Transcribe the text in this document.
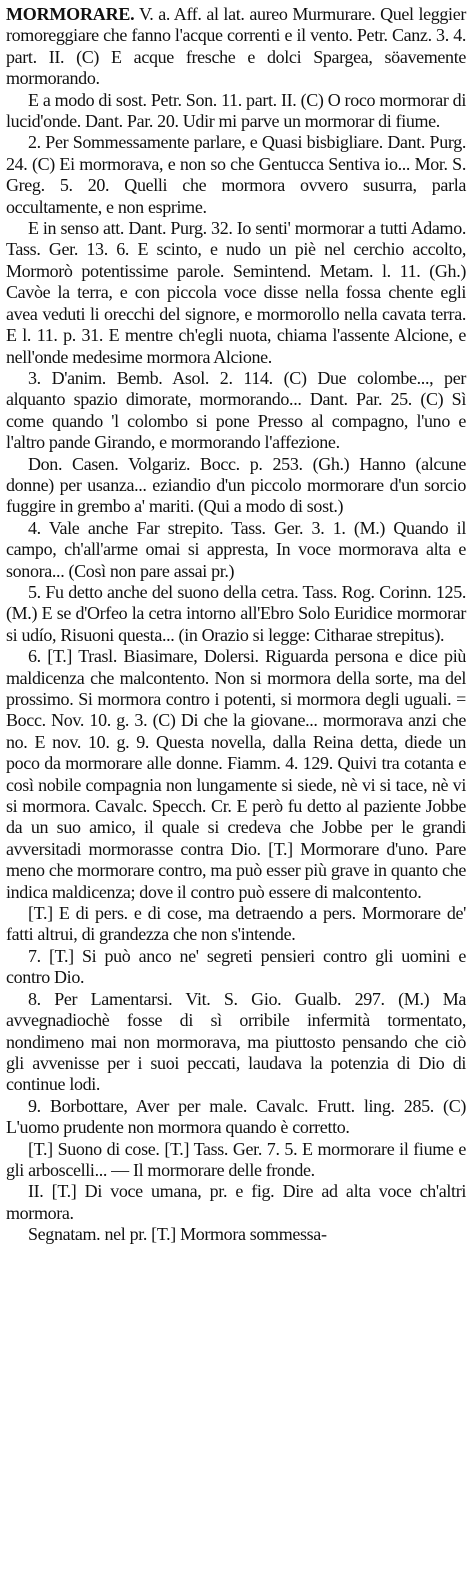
MORMORARE. V. a. Aff. al lat. aureo Murmurare. Quel leggier romoreggiare che fanno l'acque correnti e il vento. Petr. Canz. 3. 4. part. II. (C) E acque fresche e dolci Spargea, söavemente mormorando.

E a modo di sost. Petr. Son. 11. part. II. (C) O roco mormorar di lucid'onde. Dant. Par. 20. Udir mi parve un mormorar di fiume.

2. Per Sommessamente parlare, e Quasi bisbigliare. Dant. Purg. 24. (C) Ei mormorava, e non so che Gentucca Sentiva io... Mor. S. Greg. 5. 20. Quelli che mormora ovvero susurra, parla occultamente, e non esprime.

E in senso att. Dant. Purg. 32. Io senti' mormorar a tutti Adamo. Tass. Ger. 13. 6. E scinto, e nudo un piè nel cerchio accolto, Mormorò potentissime parole. Semintend. Metam. l. 11. (Gh.) Cavòe la terra, e con piccola voce disse nella fossa chente egli avea veduti li orecchi del signore, e mormorollo nella cavata terra. E l. 11. p. 31. E mentre ch'egli nuota, chiama l'assente Alcione, e nell'onde medesime mormora Alcione.

3. D'anim. Bemb. Asol. 2. 114. (C) Due colombe..., per alquanto spazio dimorate, mormorando... Dant. Par. 25. (C) Sì come quando 'l colombo si pone Presso al compagno, l'uno e l'altro pande Girando, e mormorando l'affezione.

Don. Casen. Volgariz. Bocc. p. 253. (Gh.) Hanno (alcune donne) per usanza... eziandio d'un piccolo mormorare d'un sorcio fuggire in grembo a' mariti. (Qui a modo di sost.)

4. Vale anche Far strepito. Tass. Ger. 3. 1. (M.) Quando il campo, ch'all'arme omai si appresta, In voce mormorava alta e sonora... (Così non pare assai pr.)

5. Fu detto anche del suono della cetra. Tass. Rog. Corinn. 125. (M.) E se d'Orfeo la cetra intorno all'Ebro Solo Euridice mormorar si udío, Risuoni questa... (in Orazio si legge: Citharae strepitus).

6. [T.] Trasl. Biasimare, Dolersi. Riguarda persona e dice più maldicenza che malcontento. Non si mormora della sorte, ma del prossimo. Si mormora contro i potenti, si mormora degli uguali. = Bocc. Nov. 10. g. 3. (C) Di che la giovane... mormorava anzi che no. E nov. 10. g. 9. Questa novella, dalla Reina detta, diede un poco da mormorare alle donne. Fiamm. 4. 129. Quivi tra cotanta e così nobile compagnia non lungamente si siede, nè vi si tace, nè vi si mormora. Cavalc. Specch. Cr. E però fu detto al paziente Jobbe da un suo amico, il quale si credeva che Jobbe per le grandi avversitadi mormorasse contra Dio. [T.] Mormorare d'uno. Pare meno che mormorare contro, ma può esser più grave in quanto che indica maldicenza; dove il contro può essere di malcontento.

[T.] E di pers. e di cose, ma detraendo a pers. Mormorare de' fatti altrui, di grandezza che non s'intende.

7. [T.] Si può anco ne' segreti pensieri contro gli uomini e contro Dio.

8. Per Lamentarsi. Vit. S. Gio. Gualb. 297. (M.) Ma avvegnadiochè fosse di sì orribile infermità tormentato, nondimeno mai non mormorava, ma piuttosto pensando che ciò gli avvenisse per i suoi peccati, laudava la potenzia di Dio di continue lodi.

9. Borbottare, Aver per male. Cavalc. Frutt. ling. 285. (C) L'uomo prudente non mormora quando è corretto.

[T.] Suono di cose. [T.] Tass. Ger. 7. 5. E mormorare il fiume e gli arboscelli... — Il mormorare delle fronde.

II. [T.] Di voce umana, pr. e fig. Dire ad alta voce ch'altri mormora.

Segnatam. nel pr. [T.] Mormora sommessa-
